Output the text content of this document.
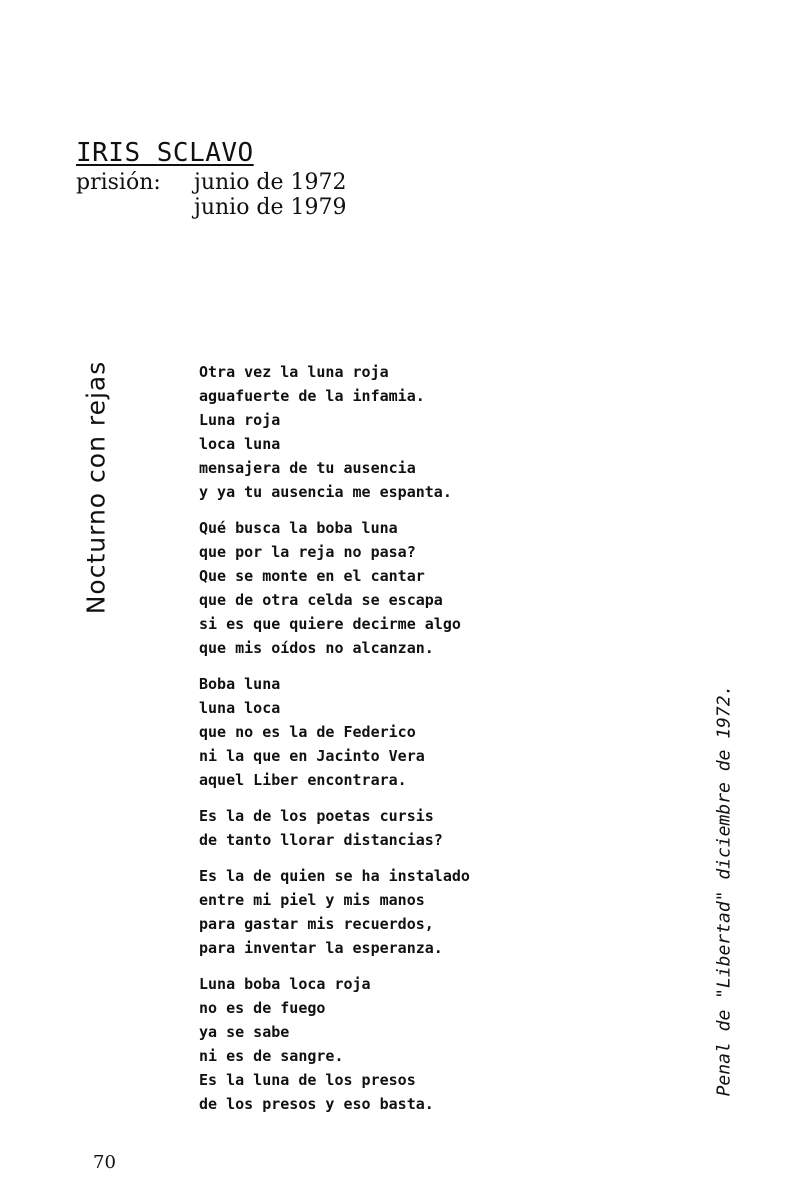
IRIS SCLAVO
prisión:	junio de 1972
junio de 1979
Nocturno con rejas	Otra vez la luna roja
aguafuerte de la infamia.
Luna roja
loca luna
mensajera de tu ausencia
y ya tu ausencia me espanta.
Qué busca la boba luna
que por la reja no pasa?
Que se monte en el cantar
que de otra celda se escapa
si es que quiere decirme algo
que mis oídos no alcanzan.
Boba luna
luna loca
que no es la de Federico
ni la que en Jacinto Vera
aquel Liber encontrara.
Es la de los poetas cursis
de tanto llorar distancias?
Es la de quien se ha instalado
entre mi piel y mis manos
para gastar mis recuerdos,
para inventar la esperanza.
Luna boba loca roja
no es de fuego
ya se sabe
ni es de sangre.
Es la luna de los presos
de los presos y eso basta.
Penal de "Libertad" diciembre de 1972.
70
